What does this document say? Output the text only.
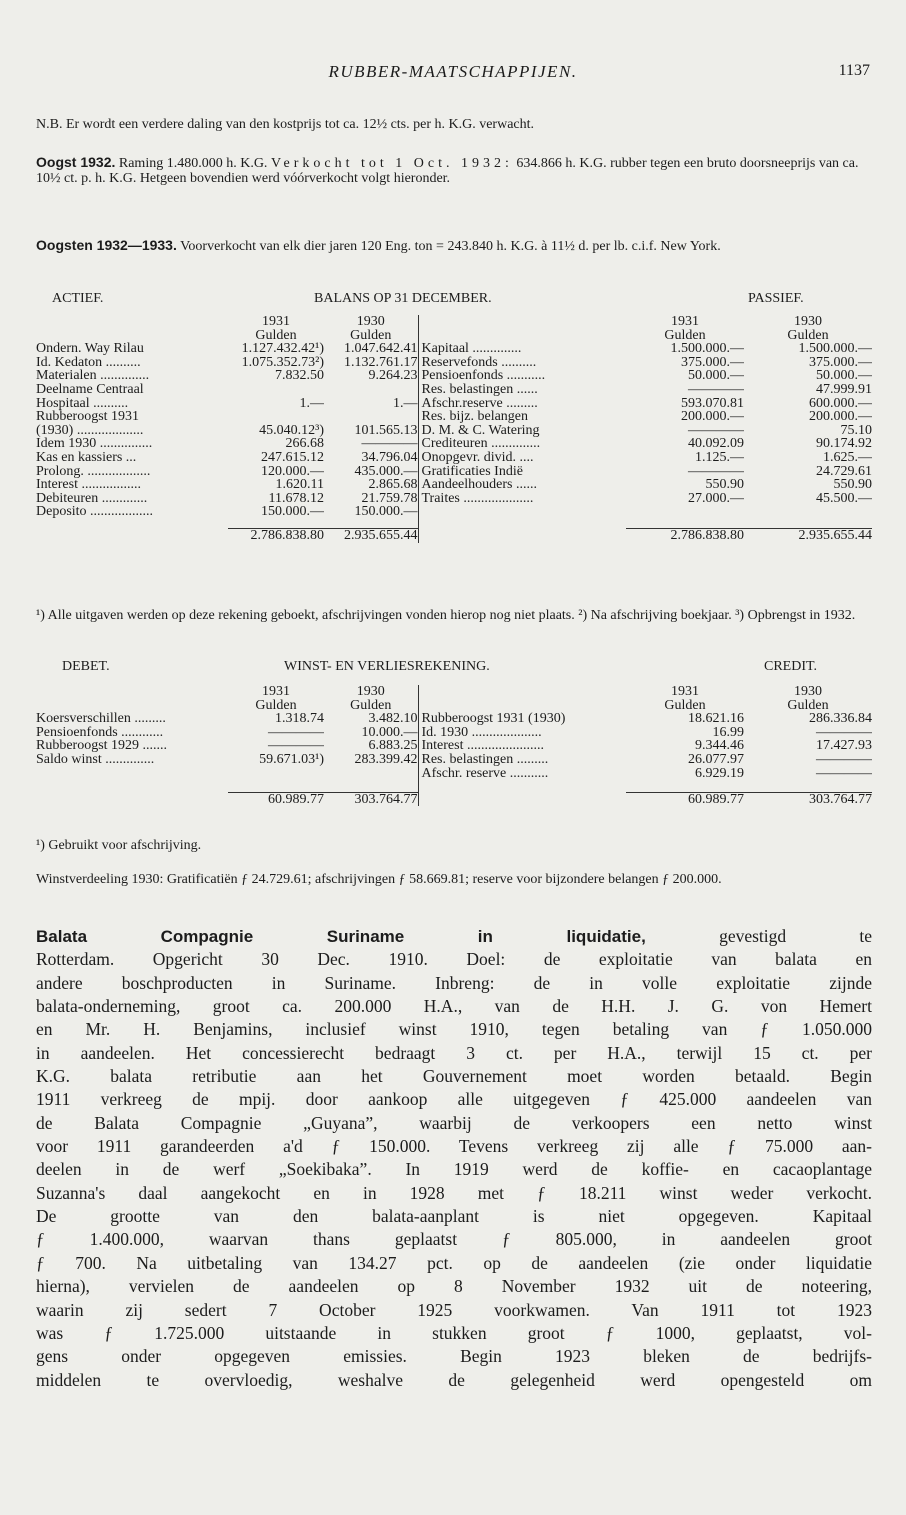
RUBBER-MAATSCHAPPIJEN.	1137

N.B. Er wordt een verdere daling van den kostprijs tot ca. 12½ cts. per h. K.G. verwacht.

Oogst 1932. Raming 1.480.000 h. K.G. Verkocht tot 1 Oct. 1932: 634.866 h. K.G. rubber tegen een bruto doorsneeprijs van ca. 10½ ct. p. h. K.G. Hetgeen bovendien werd vóórverkocht volgt hieronder.

Oogsten 1932—1933. Voorverkocht van elk dier jaren 120 Eng. ton = 243.840 h. K.G. à 11½ d. per lb. c.i.f. New York.

ACTIEF.	BALANS OP 31 DECEMBER.	PASSIEF.
	1931	1930		1931	1930
	Gulden	Gulden		Gulden	Gulden
Ondern. Way Rilau	1.127.432.42¹)	1.047.642.41	Kapitaal ..............	1.500.000.—	1.500.000.—
Id. Kedaton ..........	1.075.352.73²)	1.132.761.17	Reservefonds ..........	375.000.—	375.000.—
Materialen ..............	7.832.50	9.264.23	Pensioenfonds ...........	50.000.—	50.000.—
Deelname Centraal			Res. belastingen ......	————	47.999.91
Hospitaal ..........	1.—	1.—	Afschr.reserve .........	593.070.81	600.000.—
Rubberoogst 1931			Res. bijz. belangen	200.000.—	200.000.—
(1930) ...................	45.040.12³)	101.565.13	D. M. & C. Watering	————	75.10
Idem 1930 ...............	266.68	————	Crediteuren ..............	40.092.09	90.174.92
Kas en kassiers ...	247.615.12	34.796.04	Onopgevr. divid. ....	1.125.—	1.625.—
Prolong. ..................	120.000.—	435.000.—	Gratificaties Indië	————	24.729.61
Interest .................	1.620.11	2.865.68	Aandeelhouders ......	550.90	550.90
Debiteuren .............	11.678.12	21.759.78	Traites ....................	27.000.—	45.500.—
Deposito ..................	150.000.—	150.000.—			

	2.786.838.80	2.935.655.44		2.786.838.80	2.935.655.44

¹) Alle uitgaven werden op deze rekening geboekt, afschrijvingen vonden hierop nog niet plaats. ²) Na afschrijving boekjaar. ³) Opbrengst in 1932.

DEBET.	WINST- EN VERLIESREKENING.	CREDIT.
	1931	1930		1931	1930
	Gulden	Gulden		Gulden	Gulden
Koersverschillen .........	1.318.74	3.482.10	Rubberoogst 1931 (1930)	18.621.16	286.336.84
Pensioenfonds ............	————	10.000.—	Id. 1930 ....................	16.99	————
Rubberoogst 1929 .......	————	6.883.25	Interest ......................	9.344.46	17.427.93
Saldo winst ..............	59.671.03¹)	283.399.42	Res. belastingen .........	26.077.97	————
			Afschr. reserve ...........	6.929.19	————

	60.989.77	303.764.77		60.989.77	303.764.77

¹) Gebruikt voor afschrijving.

Winstverdeeling 1930: Gratificatiën ƒ 24.729.61; afschrijvingen ƒ 58.669.81; reserve voor bijzondere belangen ƒ 200.000.

Balata Compagnie Suriname in liquidatie,	gevestigd te
Rotterdam. Opgericht 30 Dec. 1910. Doel: de exploitatie van balata en
andere boschproducten in Suriname. Inbreng: de in volle exploitatie zijnde
balata-onderneming, groot ca. 200.000 H.A., van de H.H. J. G. von Hemert
en Mr. H. Benjamins, inclusief winst 1910, tegen betaling van ƒ 1.050.000
in aandeelen. Het concessierecht bedraagt 3 ct. per H.A., terwijl 15 ct. per
K.G. balata retributie aan het Gouvernement moet worden betaald. Begin
1911 verkreeg de mpij. door aankoop alle uitgegeven ƒ 425.000 aandeelen van
de Balata Compagnie „Guyana”, waarbij de verkoopers een netto winst
voor 1911 garandeerden a'd ƒ 150.000. Tevens verkreeg zij alle ƒ 75.000 aan-
deelen in de werf „Soekibaka”. In 1919 werd de koffie- en cacaoplantage
Suzanna's daal aangekocht en in 1928 met ƒ 18.211 winst weder verkocht.
De grootte van den balata-aanplant is niet opgegeven. Kapitaal
ƒ 1.400.000, waarvan thans geplaatst ƒ 805.000, in aandeelen groot
ƒ 700. Na uitbetaling van 134.27 pct. op de aandeelen (zie onder liquidatie
hierna), vervielen de aandeelen op 8 November 1932 uit de noteering,
waarin zij sedert 7 October 1925 voorkwamen. Van 1911 tot 1923
was ƒ 1.725.000 uitstaande in stukken groot ƒ 1000, geplaatst, vol-
gens onder opgegeven emissies. Begin 1923 bleken de bedrijfs-
middelen te overvloedig, weshalve de gelegenheid werd opengesteld om
